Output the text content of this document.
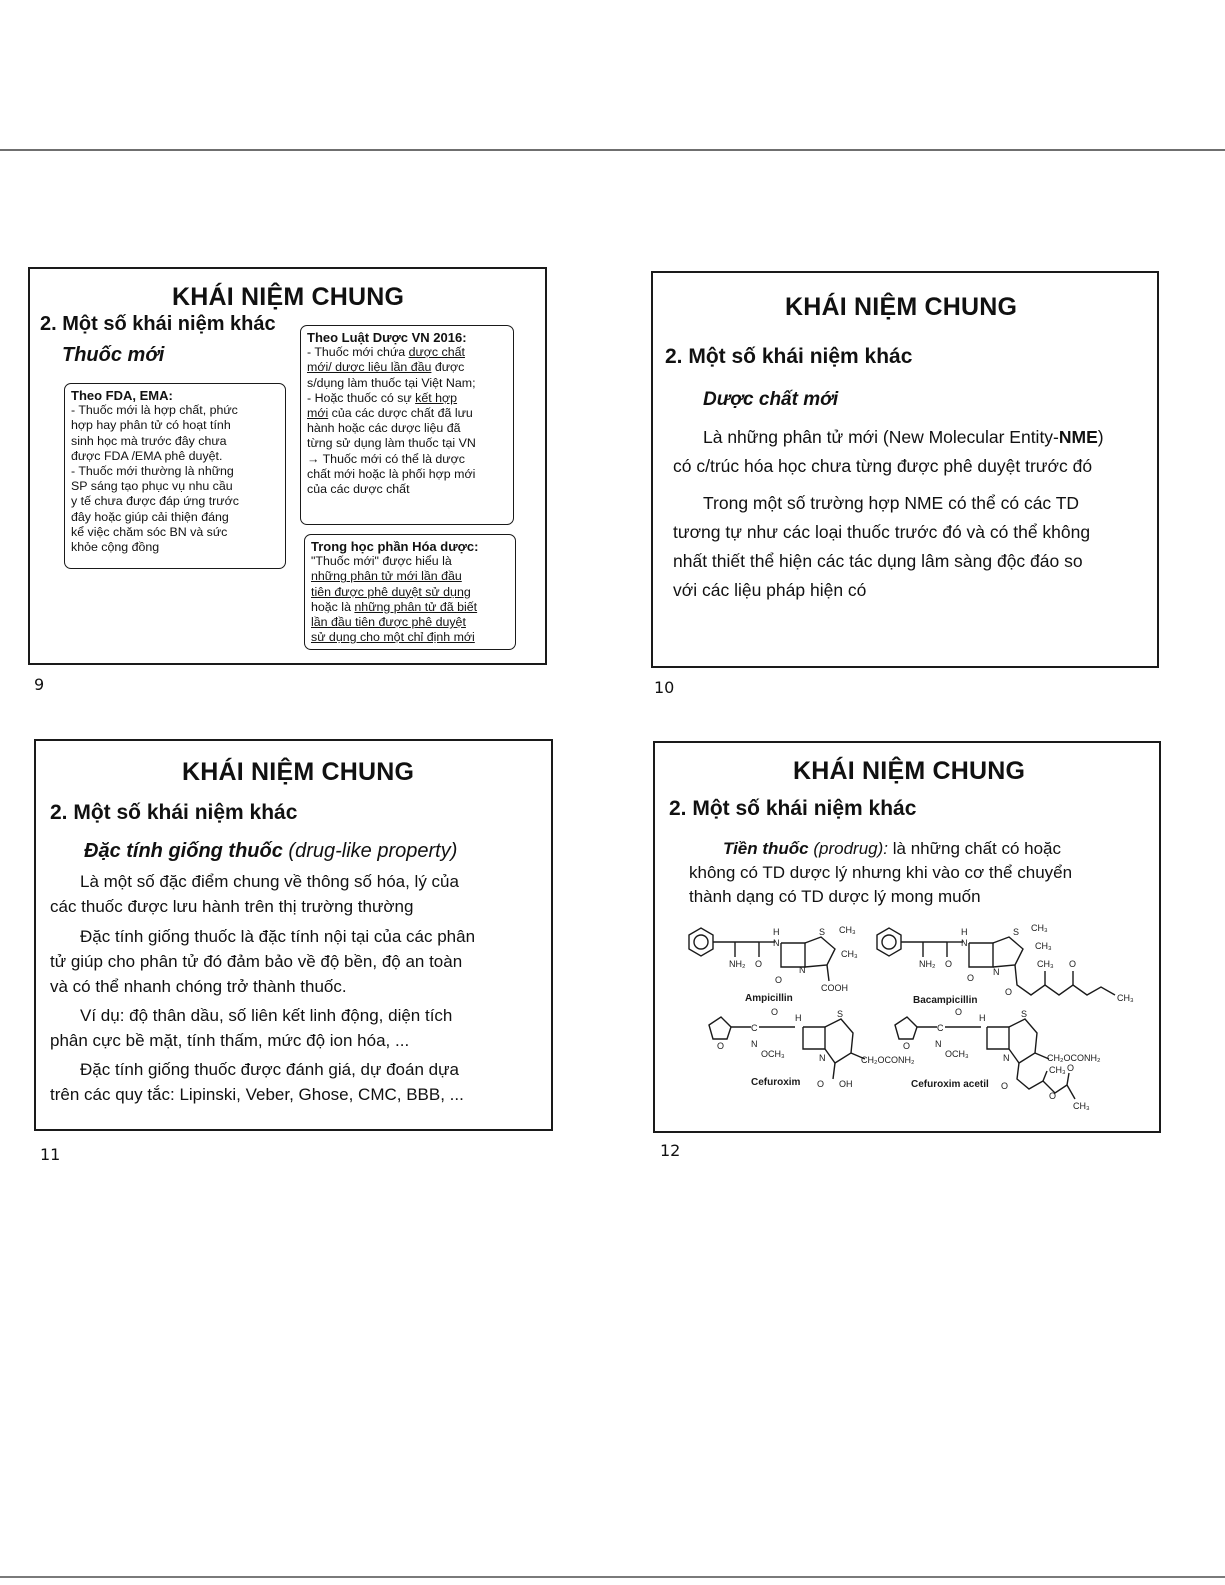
KHÁI NIỆM CHUNG
2. Một số khái niệm khác
Thuốc mới
Theo FDA, EMA:
- Thuốc mới là hợp chất, phức
hợp hay phân tử có hoạt tính
sinh học mà trước đây chưa
được FDA /EMA phê duyệt.
- Thuốc mới thường là những
SP sáng tạo phục vụ nhu cầu
y tế chưa được đáp ứng trước
đây hoặc giúp cải thiện đáng
kể việc chăm sóc BN và sức
khỏe cộng đồng
Theo Luật Dược VN 2016:
- Thuốc mới chứa dược chất
mới/ dược liệu lần đầu được
s/dụng làm thuốc tại Việt Nam;
- Hoặc thuốc có sự kết hợp
mới của các dược chất đã lưu
hành hoặc các dược liệu đã
từng sử dụng làm thuốc tại VN
→ Thuốc mới có thể là dược
chất mới hoặc là phối hợp mới
của các dược chất
Trong học phần Hóa dược:
"Thuốc mới" được hiểu là
những phân tử mới lần đầu
tiên được phê duyệt sử dụng
hoặc là những phân tử đã biết
lần đầu tiên được phê duyệt
sử dụng cho một chỉ định mới
9
KHÁI NIỆM CHUNG
2. Một số khái niệm khác
Dược chất mới
Là những phân tử mới (New Molecular Entity-NME)
có c/trúc hóa học chưa từng được phê duyệt trước đó
Trong một số trường hợp NME có thể có các TD
tương tự như các loại thuốc trước đó và có thể không
nhất thiết thể hiện các tác dụng lâm sàng độc đáo so
với các liệu pháp hiện có
10
KHÁI NIỆM CHUNG
2. Một số khái niệm khác
Đặc tính giống thuốc (drug-like property)
Là một số đặc điểm chung về thông số hóa, lý của
các thuốc được lưu hành trên thị trường thường
Đặc tính giống thuốc là đặc tính nội tại của các phân
tử giúp cho phân tử đó đảm bảo về độ bền, độ an toàn
và có thể nhanh chóng trở thành thuốc.
Ví dụ: độ thân dầu, số liên kết linh động, diện tích
phân cực bề mặt, tính thấm, mức độ ion hóa, ...
Đặc tính giống thuốc được đánh giá, dự đoán dựa
trên các quy tắc: Lipinski, Veber, Ghose, CMC, BBB, ...
11
KHÁI NIỆM CHUNG
2. Một số khái niệm khác
Tiền thuốc (prodrug): là những chất có hoặc
không có TD dược lý nhưng khi vào cơ thể chuyển
thành dạng có TD dược lý mong muốn
H
N
NH₂ O
S CH₃
CH₃
N
O
COOH
Ampicillin
H
N
NH₂ O
S CH₃
CH₃
N
O
CH₃ O
O
CH₃
Bacampicillin
O
C
O
N
OCH₃
H	S
N	CH₂OCONH₂
O OH
Cefuroxim
O
C
O
N
OCH₃
H	S
N	CH₂OCONH₂
CH₃ O
CH₃
O
O
Cefuroxim acetil
12
